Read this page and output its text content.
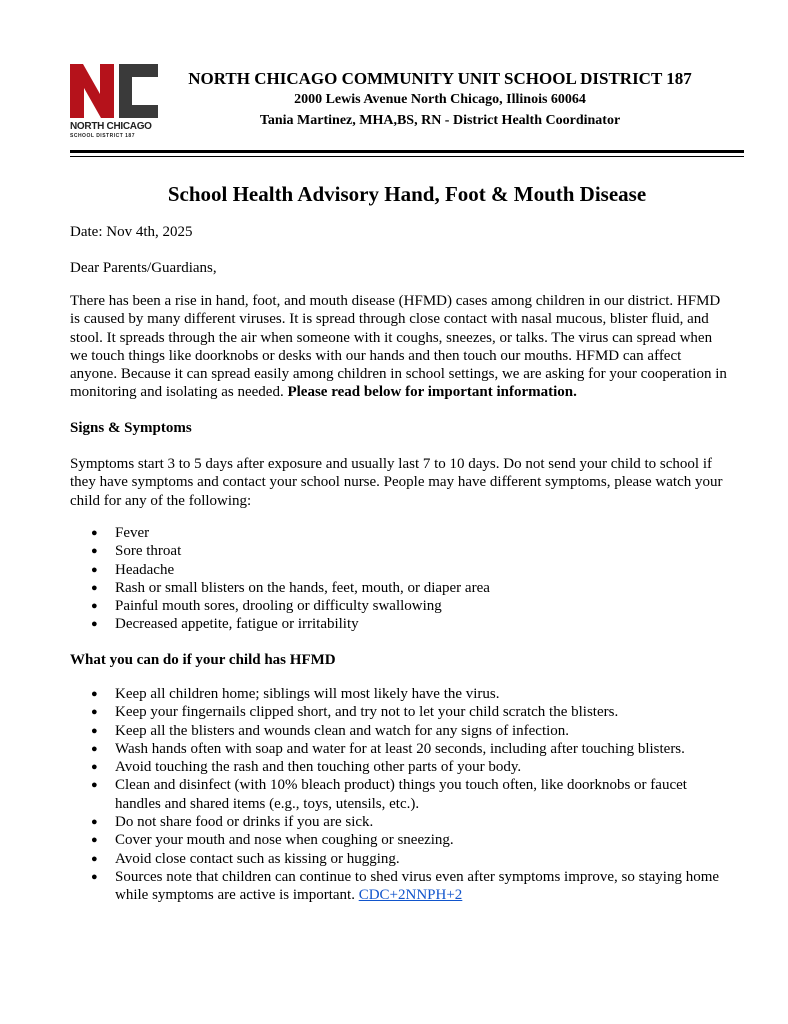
NORTH CHICAGO
SCHOOL DISTRICT 187
NORTH CHICAGO COMMUNITY UNIT SCHOOL DISTRICT 187
2000 Lewis Avenue North Chicago, Illinois 60064
Tania Martinez, MHA,BS, RN - District Health Coordinator
School Health Advisory Hand, Foot & Mouth Disease
Date: Nov 4th, 2025
Dear Parents/Guardians,
There has been a rise in hand, foot, and mouth disease (HFMD) cases among children in our district. HFMD is caused by many different viruses. It is spread through close contact with nasal mucous, blister fluid, and stool. It spreads through the air when someone with it coughs, sneezes, or talks. The virus can spread when we touch things like doorknobs or desks with our hands and then touch our mouths. HFMD can affect anyone. Because it can spread easily among children in school settings, we are asking for your cooperation in monitoring and isolating as needed. Please read below for important information.
Signs & Symptoms
Symptoms start 3 to 5 days after exposure and usually last 7 to 10 days. Do not send your child to school if they have symptoms and contact your school nurse. People may have different symptoms, please watch your child for any of the following:
● Fever
● Sore throat
● Headache
● Rash or small blisters on the hands, feet, mouth, or diaper area
● Painful mouth sores, drooling or difficulty swallowing
● Decreased appetite, fatigue or irritability
What you can do if your child has HFMD
● Keep all children home; siblings will most likely have the virus.
● Keep your fingernails clipped short, and try not to let your child scratch the blisters.
● Keep all the blisters and wounds clean and watch for any signs of infection.
● Wash hands often with soap and water for at least 20 seconds, including after touching blisters.
● Avoid touching the rash and then touching other parts of your body.
● Clean and disinfect (with 10% bleach product) things you touch often, like doorknobs or faucet handles and shared items (e.g., toys, utensils, etc.).
● Do not share food or drinks if you are sick.
● Cover your mouth and nose when coughing or sneezing.
● Avoid close contact such as kissing or hugging.
● Sources note that children can continue to shed virus even after symptoms improve, so staying home while symptoms are active is important. CDC+2NNPH+2
